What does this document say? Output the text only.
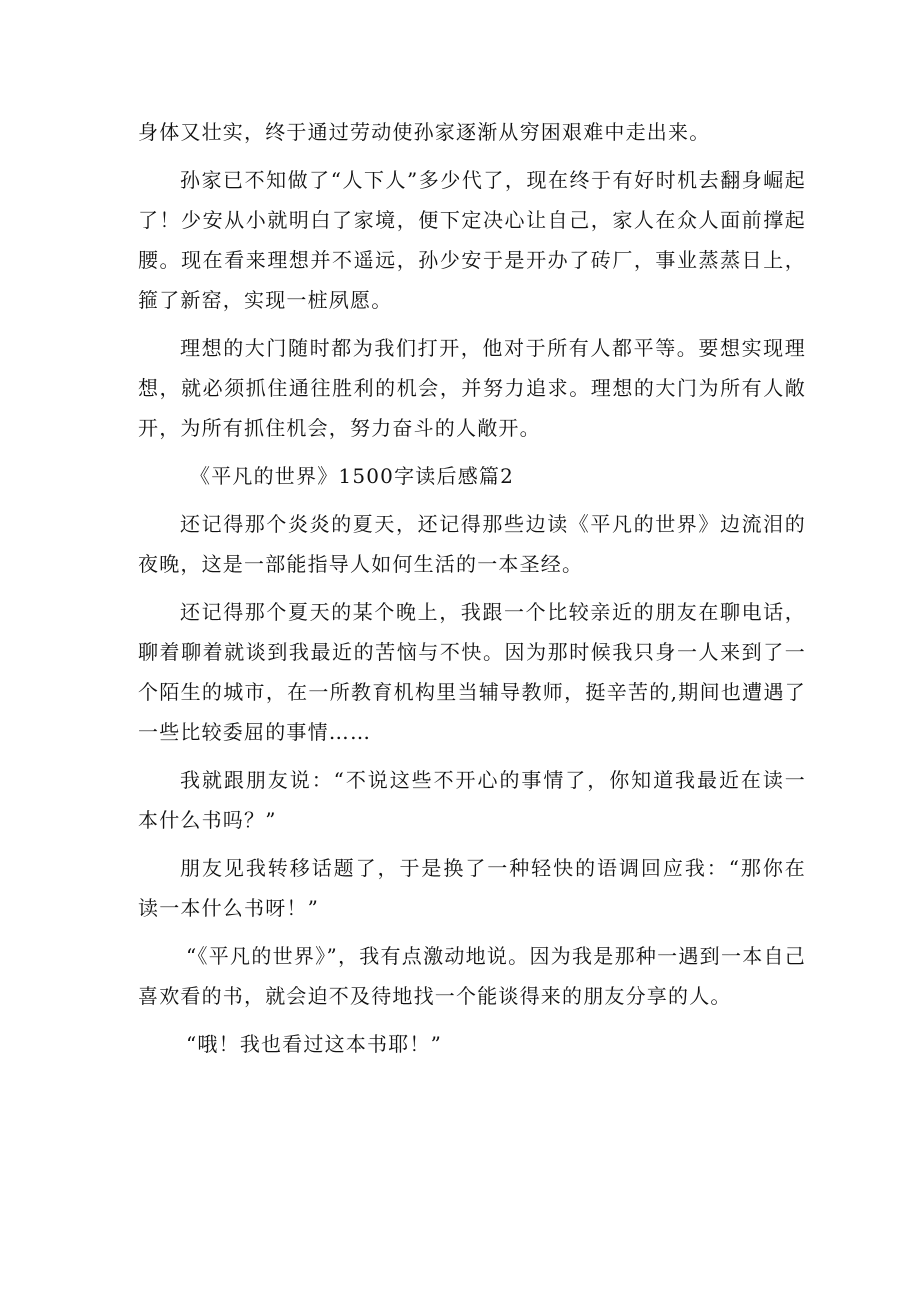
身体又壮实，终于通过劳动使孙家逐渐从穷困艰难中走出来。

孙家已不知做了“人下人”多少代了，现在终于有好时机去翻身崛起了！少安从小就明白了家境，便下定决心让自己，家人在众人面前撑起腰。现在看来理想并不遥远，孙少安于是开办了砖厂，事业蒸蒸日上，箍了新窑，实现一桩夙愿。

理想的大门随时都为我们打开，他对于所有人都平等。要想实现理想，就必须抓住通往胜利的机会，并努力追求。理想的大门为所有人敞开，为所有抓住机会，努力奋斗的人敞开。

《平凡的世界》1500字读后感篇2

还记得那个炎炎的夏天，还记得那些边读《平凡的世界》边流泪的夜晚，这是一部能指导人如何生活的一本圣经。

还记得那个夏天的某个晚上，我跟一个比较亲近的朋友在聊电话，聊着聊着就谈到我最近的苦恼与不快。因为那时候我只身一人来到了一个陌生的城市，在一所教育机构里当辅导教师，挺辛苦的,期间也遭遇了一些比较委屈的事情……

我就跟朋友说：“不说这些不开心的事情了，你知道我最近在读一本什么书吗？”

朋友见我转移话题了，于是换了一种轻快的语调回应我：“那你在读一本什么书呀！”

“《平凡的世界》”，我有点激动地说。因为我是那种一遇到一本自己喜欢看的书，就会迫不及待地找一个能谈得来的朋友分享的人。

“哦！我也看过这本书耶！”
